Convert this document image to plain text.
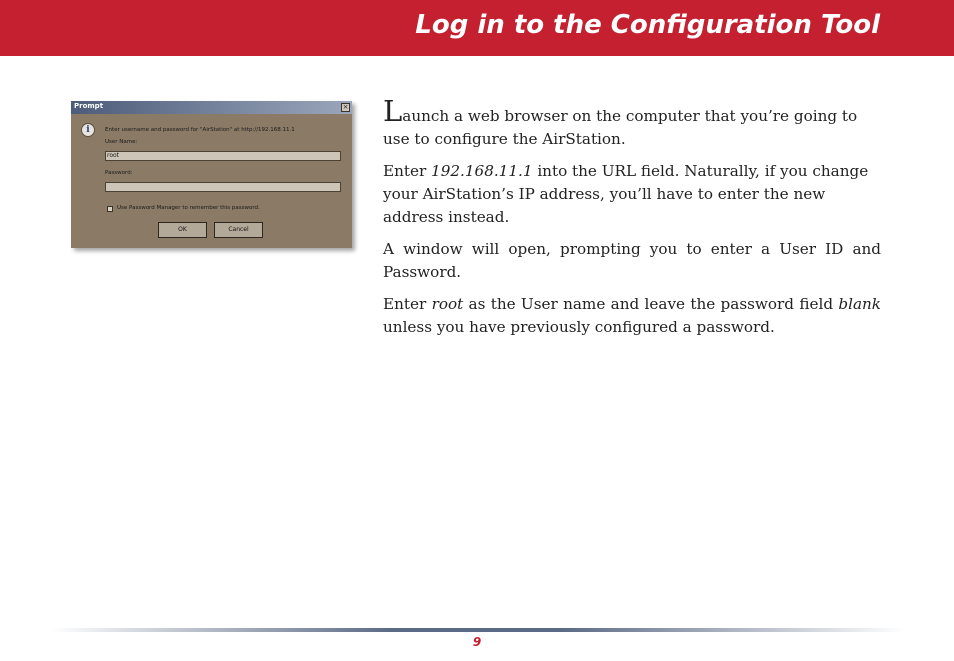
Log in to the Configuration Tool
Prompt	×
i	Enter username and password for "AirStation" at http://192.168.11.1
User Name:
root
Password:
Use Password Manager to remember this password.
OK	Cancel

Launch a web browser on the computer that you’re going to use to configure the AirStation.

Enter 192.168.11.1 into the URL field. Naturally, if you change your AirStation’s IP address, you’ll have to enter the new address instead.

A window will open, prompting you to enter a User ID and Password.

Enter root as the User name and leave the password field blank unless you have previously configured a password.

9
